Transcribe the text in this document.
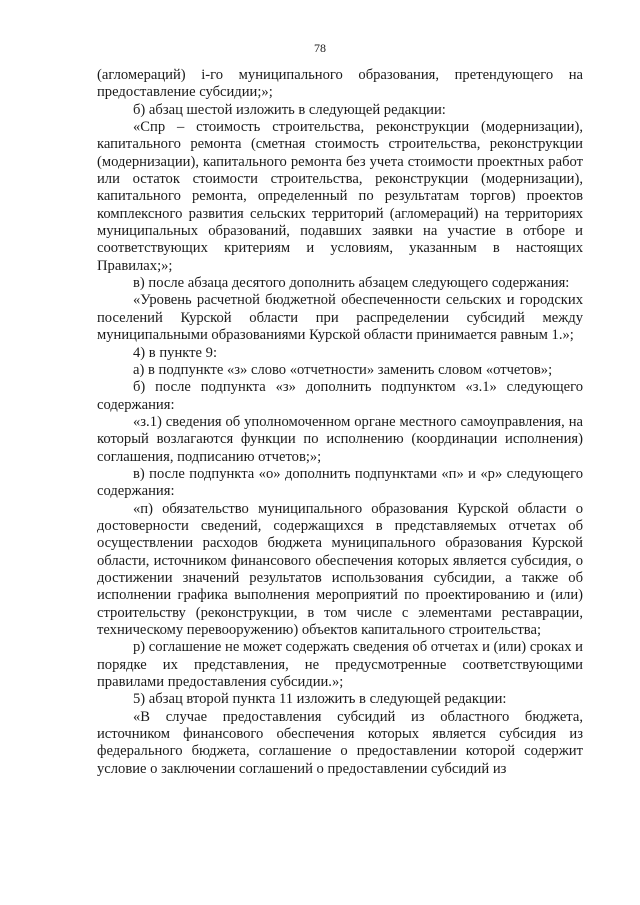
78

(агломераций) i-го муниципального образования, претендующего на предоставление субсидии;»;

б) абзац шестой изложить в следующей редакции:

«Спр – стоимость строительства, реконструкции (модернизации), капитального ремонта (сметная стоимость строительства, реконструкции (модернизации), капитального ремонта без учета стоимости проектных работ или остаток стоимости строительства, реконструкции (модернизации), капитального ремонта, определенный по результатам торгов) проектов комплексного развития сельских территорий (агломераций) на территориях муниципальных образований, подавших заявки на участие в отборе и соответствующих критериям и условиям, указанным в настоящих Правилах;»;

в) после абзаца десятого дополнить абзацем следующего содержания:

«Уровень расчетной бюджетной обеспеченности сельских и городских поселений Курской области при распределении субсидий между муниципальными образованиями Курской области принимается равным 1.»;

4) в пункте 9:

а) в подпункте «з» слово «отчетности» заменить словом «отчетов»;

б) после подпункта «з» дополнить подпунктом «з.1» следующего содержания:

«з.1) сведения об уполномоченном органе местного самоуправления, на который возлагаются функции по исполнению (координации исполнения) соглашения, подписанию отчетов;»;

в) после подпункта «о» дополнить подпунктами «п» и «р» следующего содержания:

«п) обязательство муниципального образования Курской области о достоверности сведений, содержащихся в представляемых отчетах об осуществлении расходов бюджета муниципального образования Курской области, источником финансового обеспечения которых является субсидия, о достижении значений результатов использования субсидии, а также об исполнении графика выполнения мероприятий по проектированию и (или) строительству (реконструкции, в том числе с элементами реставрации, техническому перевооружению) объектов капитального строительства;

р) соглашение не может содержать сведения об отчетах и (или) сроках и порядке их представления, не предусмотренные соответствующими правилами предоставления субсидии.»;

5) абзац второй пункта 11 изложить в следующей редакции:

«В случае предоставления субсидий из областного бюджета, источником финансового обеспечения которых является субсидия из федерального бюджета, соглашение о предоставлении которой содержит условие о заключении соглашений о предоставлении субсидий из
